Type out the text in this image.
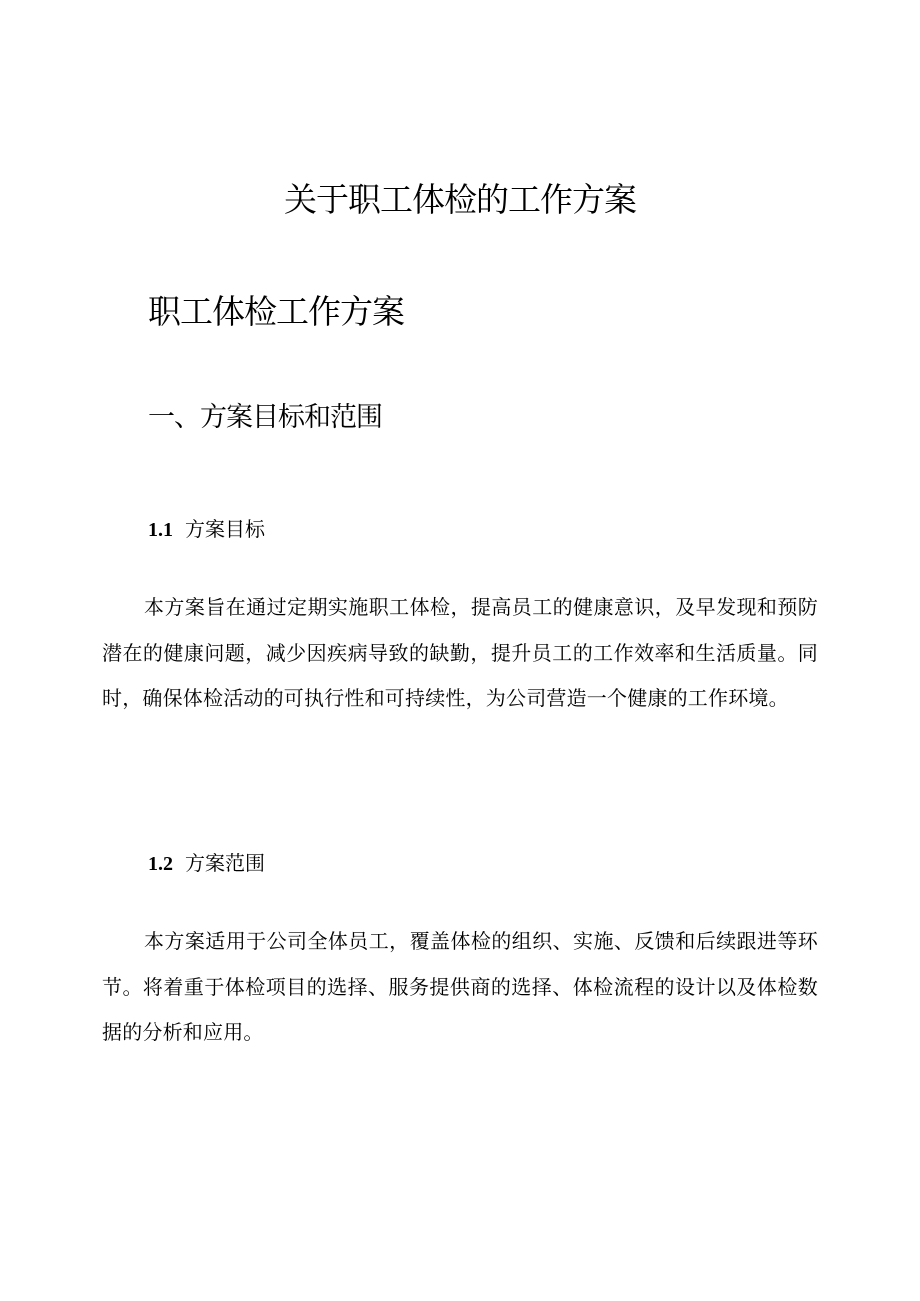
关于职工体检的工作方案
职工体检工作方案
一、方案目标和范围
1.1 方案目标

本方案旨在通过定期实施职工体检，提高员工的健康意识，及早发现和预防潜在的健康问题，减少因疾病导致的缺勤，提升员工的工作效率和生活质量。同时，确保体检活动的可执行性和可持续性，为公司营造一个健康的工作环境。

1.2 方案范围

本方案适用于公司全体员工，覆盖体检的组织、实施、反馈和后续跟进等环节。将着重于体检项目的选择、服务提供商的选择、体检流程的设计以及体检数据的分析和应用。
